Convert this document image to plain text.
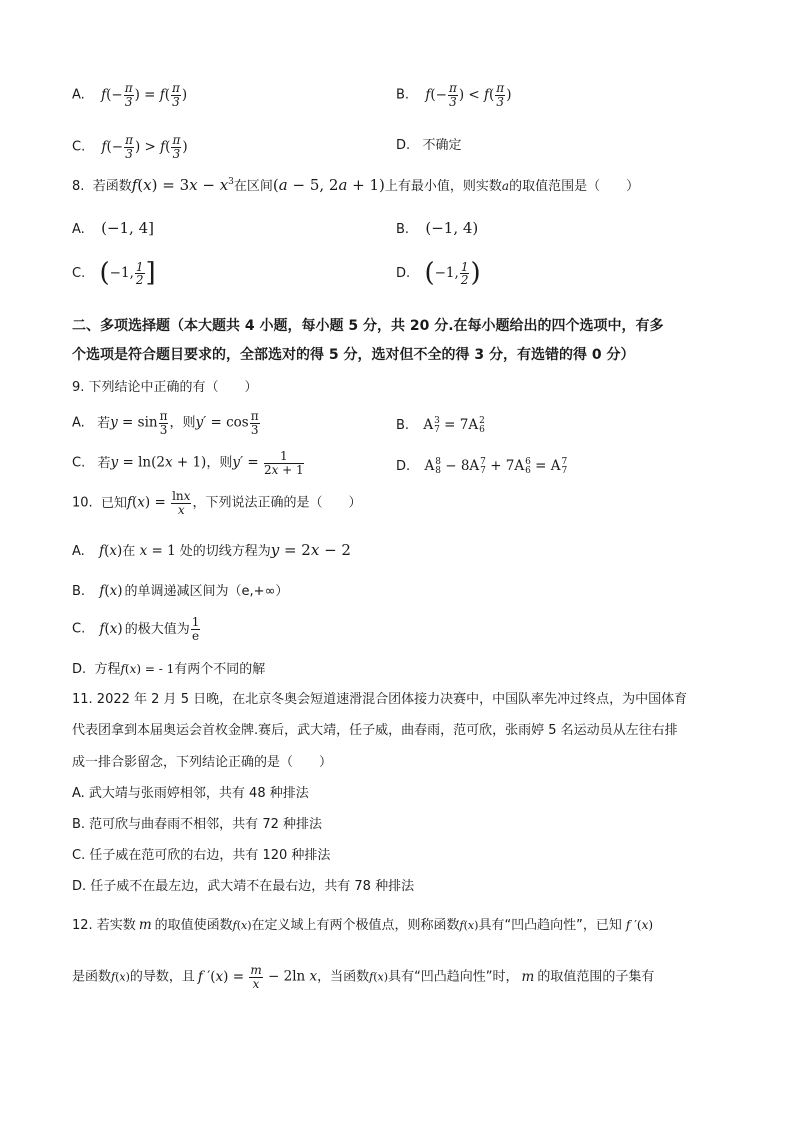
A. $f(- \frac{\pi}{3}$ ) = $f( \frac{\pi}{3}$ )	B. $f(- \frac{\pi}{3}$ ) < $f( \frac{\pi}{3}$ )
C. $f(- \frac{\pi}{3}$ ) > $f( \frac{\pi}{3}$ )	D. 不确定
8. 若函数$f(x) = 3x - x^3$在区间(a − 5, 2a + 1)上有最小值，则实数a的取值范围是（　　）
A. (−1, 4]	B. (−1, 4)
C. (−1, $\frac{1}{2}$ ]	D. (−1, $\frac{1}{2}$ )
二、多项选择题（本大题共 4 小题，每小题 5 分，共 20 分.在每小题给出的四个选项中，有多
个选项是符合题目要求的，全部选对的得 5 分，选对但不全的得 3 分，有选错的得 0 分）
9. 下列结论中正确的有（　　）
A. 若$y = \sin \frac{\pi}{3}$ ，则$y' = \cos \frac{\pi}{3}$	B. A 3
7 = 7A 2
6
C. 若y = ln(2x + 1)，则$y' = \frac{1}{2x + 1}$	D. A 8
8 − 8A 7
7 + 7A 6
6 = A 7
7
10. 已知$f(x) = \frac{\ln x}{x}$ ，下列说法正确的是（　　）
A. f(x)在 x = 1 处的切线方程为y = 2x − 2
B. f(x) 的单调递减区间为（e,+∞）
C. f(x) 的极大值为 $\frac{1}{e}$
D. 方程f(x) = - 1有两个不同的解
11. 2022 年 2 月 5 日晚，在北京冬奥会短道速滑混合团体接力决赛中，中国队率先冲过终点，为中国体育
代表团拿到本届奥运会首枚金牌.赛后，武大靖，任子威，曲春雨，范可欣，张雨婷 5 名运动员从左往右排
成一排合影留念，下列结论正确的是（　　）
A. 武大靖与张雨婷相邻，共有 48 种排法
B. 范可欣与曲春雨不相邻，共有 72 种排法
C. 任子威在范可欣的右边，共有 120 种排法
D. 任子威不在最左边，武大靖不在最右边，共有 78 种排法
12. 若实数 m 的取值使函数f(x)在定义域上有两个极值点，则称函数f(x)具有“凹凸趋向性”，已知 f ′(x)
是函数f(x)的导数，且 f $'(x) = \frac{m}{x} - 2\ln$ x，当函数f(x)具有“凹凸趋向性”时， m 的取值范围的子集有
